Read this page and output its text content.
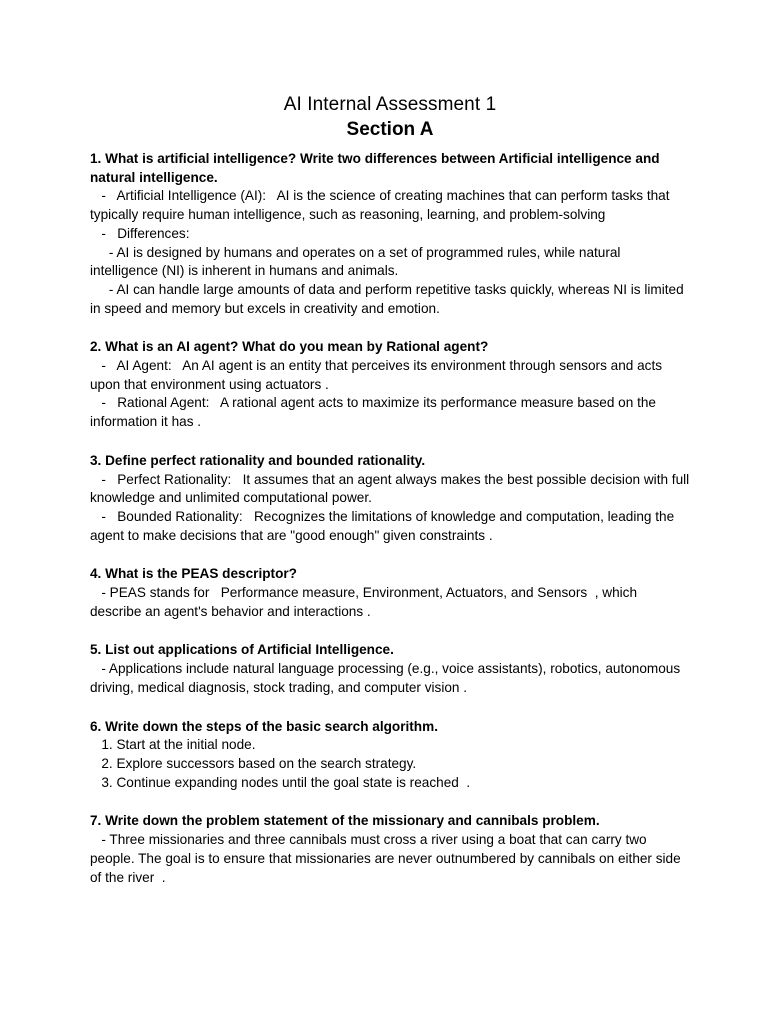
AI Internal Assessment 1
Section A

1. What is artificial intelligence? Write two differences between Artificial intelligence and natural intelligence.

-   Artificial Intelligence (AI):   AI is the science of creating machines that can perform tasks that typically require human intelligence, such as reasoning, learning, and problem-solving

-   Differences:

- AI is designed by humans and operates on a set of programmed rules, while natural intelligence (NI) is inherent in humans and animals.

- AI can handle large amounts of data and perform repetitive tasks quickly, whereas NI is limited in speed and memory but excels in creativity and emotion.

2. What is an AI agent? What do you mean by Rational agent?

-   AI Agent:   An AI agent is an entity that perceives its environment through sensors and acts upon that environment using actuators .

-   Rational Agent:   A rational agent acts to maximize its performance measure based on the information it has .

3. Define perfect rationality and bounded rationality.

-   Perfect Rationality:   It assumes that an agent always makes the best possible decision with full knowledge and unlimited computational power.

-   Bounded Rationality:   Recognizes the limitations of knowledge and computation, leading the agent to make decisions that are "good enough" given constraints .

4. What is the PEAS descriptor?

- PEAS stands for   Performance measure, Environment, Actuators, and Sensors  , which describe an agent's behavior and interactions .

5. List out applications of Artificial Intelligence.

- Applications include natural language processing (e.g., voice assistants), robotics, autonomous driving, medical diagnosis, stock trading, and computer vision .

6. Write down the steps of the basic search algorithm.

1. Start at the initial node.

2. Explore successors based on the search strategy.

3. Continue expanding nodes until the goal state is reached  .

7. Write down the problem statement of the missionary and cannibals problem.

- Three missionaries and three cannibals must cross a river using a boat that can carry two people. The goal is to ensure that missionaries are never outnumbered by cannibals on either side of the river  .
